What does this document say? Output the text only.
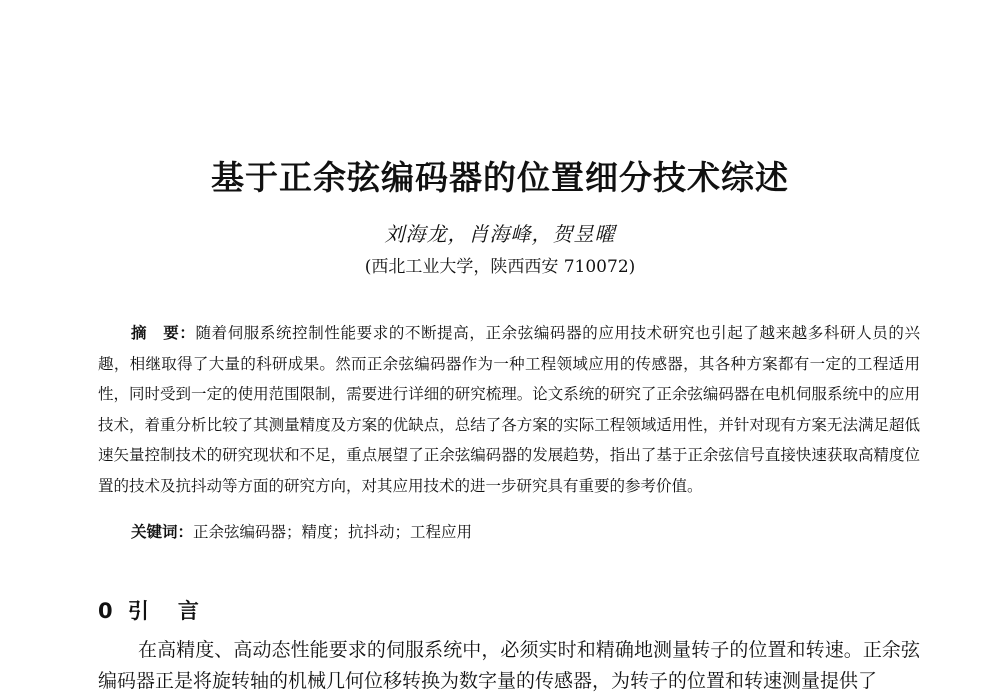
基于正余弦编码器的位置细分技术综述
刘海龙，肖海峰，贺昱曜
(西北工业大学，陕西西安 710072)

摘　要：随着伺服系统控制性能要求的不断提高，正余弦编码器的应用技术研究也引起了越来越多科研人员的兴趣，相继取得了大量的科研成果。然而正余弦编码器作为一种工程领域应用的传感器，其各种方案都有一定的工程适用性，同时受到一定的使用范围限制，需要进行详细的研究梳理。论文系统的研究了正余弦编码器在电机伺服系统中的应用技术，着重分析比较了其测量精度及方案的优缺点，总结了各方案的实际工程领域适用性，并针对现有方案无法满足超低速矢量控制技术的研究现状和不足，重点展望了正余弦编码器的发展趋势，指出了基于正余弦信号直接快速获取高精度位置的技术及抗抖动等方面的研究方向，对其应用技术的进一步研究具有重要的参考价值。

关键词：正余弦编码器；精度；抗抖动；工程应用

0 引　言

在高精度、高动态性能要求的伺服系统中，必须实时和精确地测量转子的位置和转速。正余弦编码器正是将旋转轴的机械几何位移转换为数字量的传感器，为转子的位置和转速测量提供了
